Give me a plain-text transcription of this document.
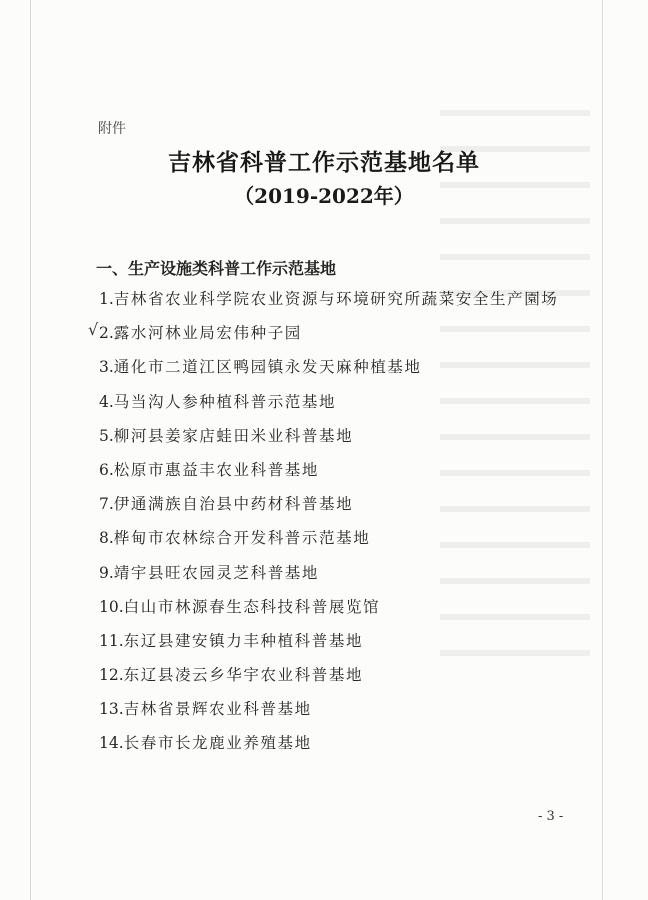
附件
吉林省科普工作示范基地名单
（2019-2022年）
一、生产设施类科普工作示范基地
√
1.吉林省农业科学院农业资源与环境研究所蔬菜安全生产園场
2.露水河林业局宏伟种子园
3.通化市二道江区鸭园镇永发天麻种植基地
4.马当沟人参种植科普示范基地
5.柳河县姜家店蛙田米业科普基地
6.松原市惠益丰农业科普基地
7.伊通满族自治县中药材科普基地
8.桦甸市农林综合开发科普示范基地
9.靖宇县旺农园灵芝科普基地
10.白山市林源春生态科技科普展览馆
11.东辽县建安镇力丰种植科普基地
12.东辽县凌云乡华宇农业科普基地
13.吉林省景辉农业科普基地
14.长春市长龙鹿业养殖基地
- 3 -
